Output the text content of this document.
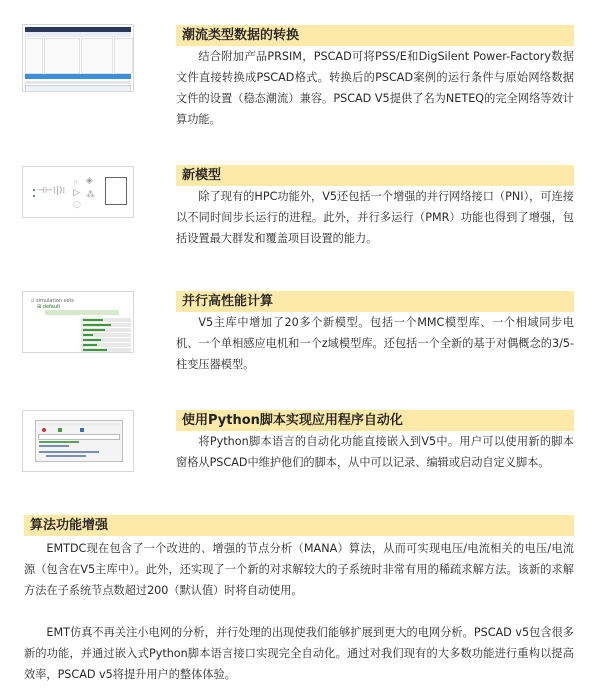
潮流类型数据的转换

结合附加产品PRSIM，PSCAD可将PSS/E和DigSilent Power-Factory数据文件直接转换成PSCAD格式。转换后的PSCAD案例的运行条件与原始网络数据文件的设置（稳态潮流）兼容。PSCAD V5提供了名为NETEQ的完全网络等效计算功能。

⊣⊢ ⁞|)⁞
◦
▷
◌
◈
⁂
新模型

除了现有的HPC功能外，V5还包括一个增强的并行网络接口（PNI），可连接以不同时间步长运行的进程。此外，并行多运行（PMR）功能也得到了增强，包括设置最大群发和覆盖项目设置的能力。

▫ simulation sets
⊞ default	并行高性能计算

V5主库中增加了20多个新模型。包括一个MMC模型库、一个相域同步电机、一个单相感应电机和一个z域模型库。还包括一个全新的基于对偶概念的3/5-柱变压器模型。

使用Python脚本实现应用程序自动化

将Python脚本语言的自动化功能直接嵌入到V5中。用户可以使用新的脚本窗格从PSCAD中维护他们的脚本，从中可以记录、编辑或启动自定义脚本。

算法功能增强

EMTDC现在包含了一个改进的、增强的节点分析（MANA）算法，从而可实现电压/电流相关的电压/电流源（包含在V5主库中）。此外，还实现了一个新的对求解较大的子系统时非常有用的稀疏求解方法。该新的求解方法在子系统节点数超过200（默认值）时将自动使用。

EMT仿真不再关注小电网的分析，并行处理的出现使我们能够扩展到更大的电网分析。PSCAD v5包含很多新的功能，并通过嵌入式Python脚本语言接口实现完全自动化。通过对我们现有的大多数功能进行重构以提高效率，PSCAD v5将提升用户的整体体验。
